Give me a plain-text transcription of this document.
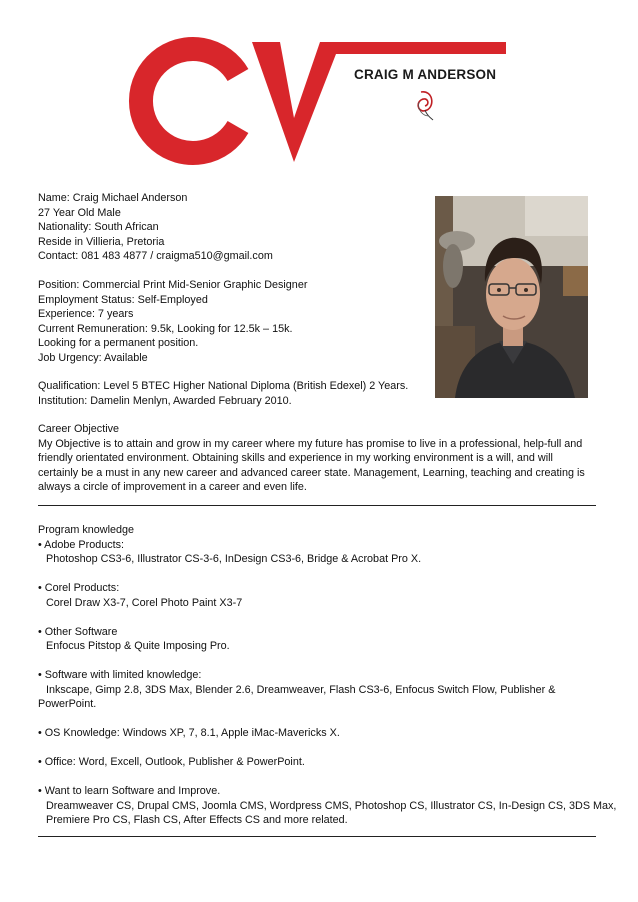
CRAIG M ANDERSON
Name: Craig Michael Anderson
27 Year Old Male
Nationality: South African
Reside in Villieria, Pretoria
Contact: 081 483 4877 / craigma510@gmail.com
Position: Commercial Print Mid-Senior Graphic Designer
Employment Status: Self-Employed
Experience: 7 years
Current Remuneration: 9.5k, Looking for 12.5k – 15k.
Looking for a permanent position.
Job Urgency: Available
Qualification: Level 5 BTEC Higher National Diploma (British Edexel) 2 Years.
Institution: Damelin Menlyn, Awarded February 2010.
Career Objective
My Objective is to attain and grow in my career where my future has promise to live in a professional, help-full and friendly orientated environment. Obtaining skills and experience in my working environment is a will, and will certainly be a must in any new career and advanced career state. Management, Learning, teaching and creating is always a circle of improvement in a career and even life.
Program knowledge
• Adobe Products:
Photoshop CS3-6, Illustrator CS-3-6, InDesign CS3-6, Bridge & Acrobat Pro X.
• Corel Products:
Corel Draw X3-7, Corel Photo Paint X3-7
• Other Software
Enfocus Pitstop & Quite Imposing Pro.
• Software with limited knowledge:
Inkscape, Gimp 2.8, 3DS Max, Blender 2.6, Dreamweaver, Flash CS3-6, Enfocus Switch Flow, Publisher &
PowerPoint.
• OS Knowledge: Windows XP, 7, 8.1, Apple iMac-Mavericks X.
• Office: Word, Excell, Outlook, Publisher & PowerPoint.
• Want to learn Software and Improve.
Dreamweaver CS, Drupal CMS, Joomla CMS, Wordpress CMS, Photoshop CS, Illustrator CS, In-Design CS, 3DS Max,
Premiere Pro CS, Flash CS, After Effects CS and more related.
